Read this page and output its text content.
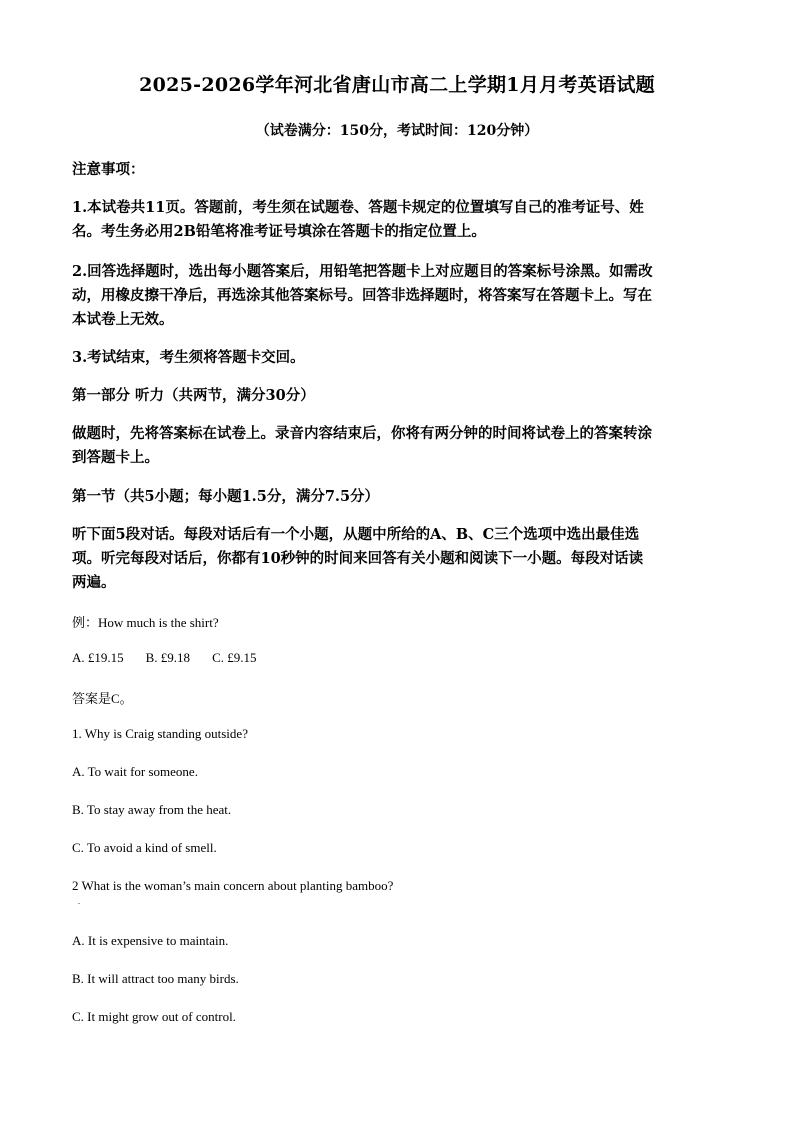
2025-2026学年河北省唐山市高二上学期1月月考英语试题
（试卷满分：150分，考试时间：120分钟）
注意事项：
1.本试卷共11页。答题前，考生须在试题卷、答题卡规定的位置填写自己的准考证号、姓
名。考生务必用2B铅笔将准考证号填涂在答题卡的指定位置上。
2.回答选择题时，选出每小题答案后，用铅笔把答题卡上对应题目的答案标号涂黑。如需改
动，用橡皮擦干净后，再选涂其他答案标号。回答非选择题时，将答案写在答题卡上。写在
本试卷上无效。
3.考试结束，考生须将答题卡交回。
第一部分 听力（共两节，满分30分）
做题时，先将答案标在试卷上。录音内容结束后，你将有两分钟的时间将试卷上的答案转涂
到答题卡上。
第一节（共5小题；每小题1.5分，满分7.5分）
听下面5段对话。每段对话后有一个小题，从题中所给的A、B、C三个选项中选出最佳选
项。听完每段对话后，你都有10秒钟的时间来回答有关小题和阅读下一小题。每段对话读
两遍。
例：How much is the shirt?
A. £19.15 B. £9.18 C. £9.15
答案是C。
1. Why is Craig standing outside?
A. To wait for someone.
B. To stay away from the heat.
C. To avoid a kind of smell.
2 What is the woman’s main concern about planting bamboo?
.
A. It is expensive to maintain.
B. It will attract too many birds.
C. It might grow out of control.
